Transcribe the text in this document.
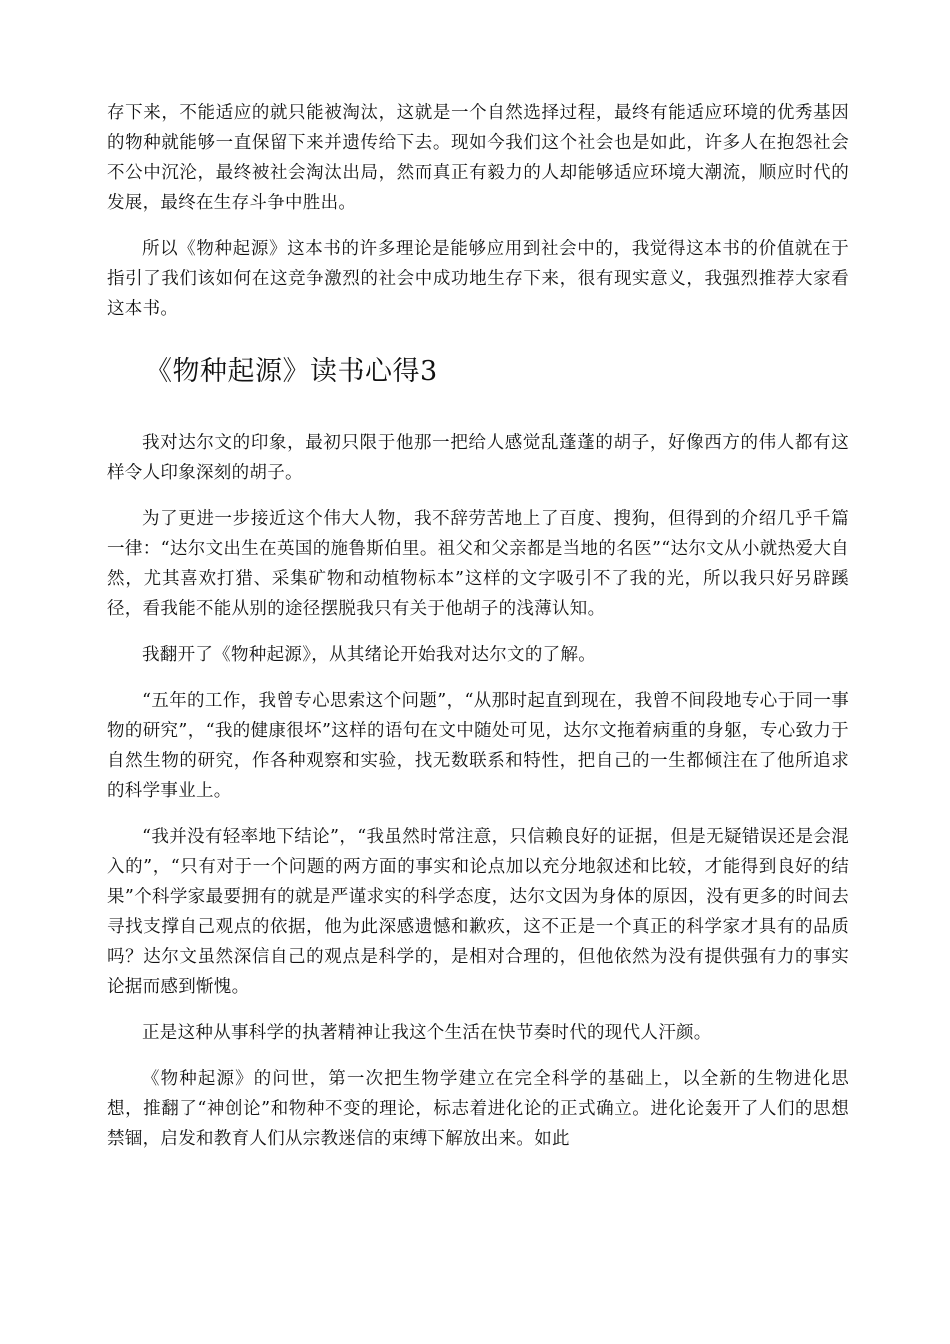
存下来，不能适应的就只能被淘汰，这就是一个自然选择过程，最终有能适应环境的优秀基因的物种就能够一直保留下来并遗传给下去。现如今我们这个社会也是如此，许多人在抱怨社会不公中沉沦，最终被社会淘汰出局，然而真正有毅力的人却能够适应环境大潮流，顺应时代的发展，最终在生存斗争中胜出。

所以《物种起源》这本书的许多理论是能够应用到社会中的，我觉得这本书的价值就在于指引了我们该如何在这竞争激烈的社会中成功地生存下来，很有现实意义，我强烈推荐大家看这本书。

《物种起源》读书心得3

我对达尔文的印象，最初只限于他那一把给人感觉乱蓬蓬的胡子，好像西方的伟人都有这样令人印象深刻的胡子。

为了更进一步接近这个伟大人物，我不辞劳苦地上了百度、搜狗，但得到的介绍几乎千篇一律：“达尔文出生在英国的施鲁斯伯里。祖父和父亲都是当地的名医”“达尔文从小就热爱大自然，尤其喜欢打猎、采集矿物和动植物标本”这样的文字吸引不了我的光，所以我只好另辟蹊径，看我能不能从别的途径摆脱我只有关于他胡子的浅薄认知。

我翻开了《物种起源》，从其绪论开始我对达尔文的了解。

“五年的工作，我曾专心思索这个问题”，“从那时起直到现在，我曾不间段地专心于同一事物的研究”，“我的健康很坏”这样的语句在文中随处可见，达尔文拖着病重的身躯，专心致力于自然生物的研究，作各种观察和实验，找无数联系和特性，把自己的一生都倾注在了他所追求的科学事业上。

“我并没有轻率地下结论”，“我虽然时常注意，只信赖良好的证据，但是无疑错误还是会混入的”，“只有对于一个问题的两方面的事实和论点加以充分地叙述和比较，才能得到良好的结果”个科学家最要拥有的就是严谨求实的科学态度，达尔文因为身体的原因，没有更多的时间去寻找支撑自己观点的依据，他为此深感遗憾和歉疚，这不正是一个真正的科学家才具有的品质吗？达尔文虽然深信自己的观点是科学的，是相对合理的，但他依然为没有提供强有力的事实论据而感到惭愧。

正是这种从事科学的执著精神让我这个生活在快节奏时代的现代人汗颜。

《物种起源》的问世，第一次把生物学建立在完全科学的基础上，以全新的生物进化思想，推翻了“神创论”和物种不变的理论，标志着进化论的正式确立。进化论轰开了人们的思想禁锢，启发和教育人们从宗教迷信的束缚下解放出来。如此
